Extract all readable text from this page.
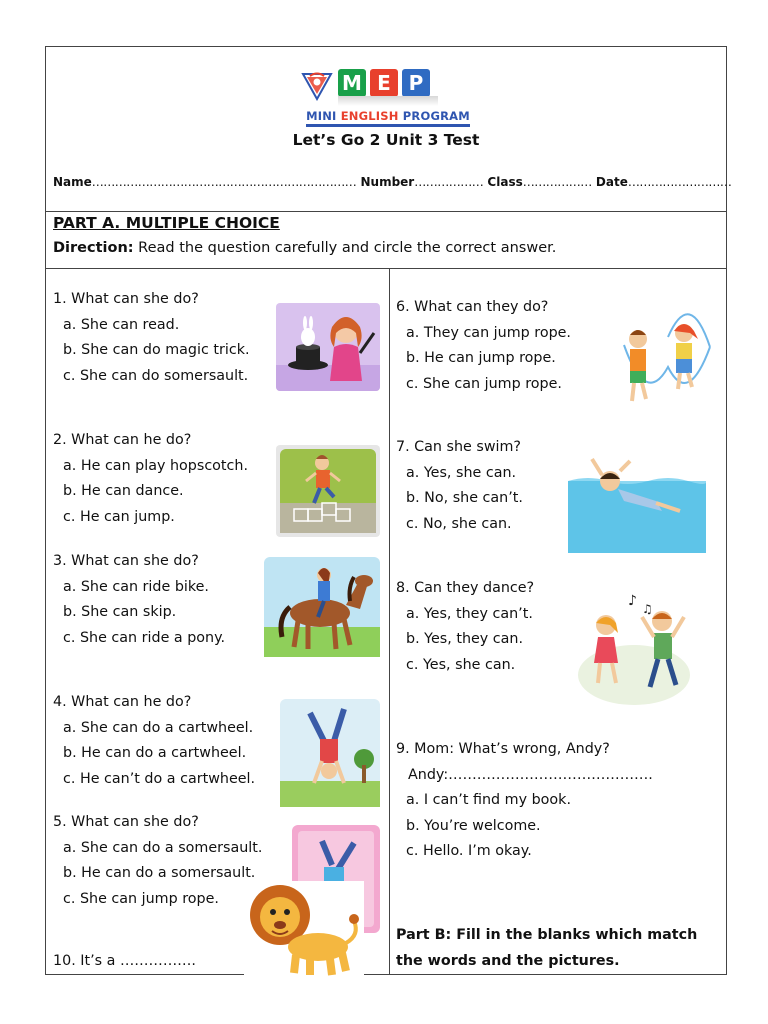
M E P
MINI ENGLISH PROGRAM
Let’s Go 2 Unit 3 Test
Name…………………………………………………………… Number……………… Class……………… Date………………………
PART A. MULTIPLE CHOICE
Direction: Read the question carefully and circle the correct answer.
1. What can she do?
a. She can read.
b. She can do magic trick.
c. She can do somersault.
2. What can he do?
a. He can play hopscotch.
b. He can dance.
c. He can jump.
3. What can she do?
a. She can ride bike.
b. She can skip.
c. She can ride a pony.
4. What can he do?
a. She can do a cartwheel.
b. He can do a cartwheel.
c. He can’t do a cartwheel.
5. What can she do?
a. She can do a somersault.
b. He can do a somersault.
c. She can jump rope.
10. It’s a …………….
6. What can they do?
a. They can jump rope.
b. He can jump rope.
c. She can jump rope.
7. Can she swim?
a. Yes, she can.
b. No, she can’t.
c. No, she can.
8. Can they dance?
a. Yes, they can’t.
b. Yes, they can.
c. Yes, she can.
9. Mom: What’s wrong, Andy?
Andy:…………………………………….
a. I can’t find my book.
b. You’re welcome.
c. Hello. I’m okay.
Part B: Fill in the blanks which match
the words and the pictures.
♪ ♫
